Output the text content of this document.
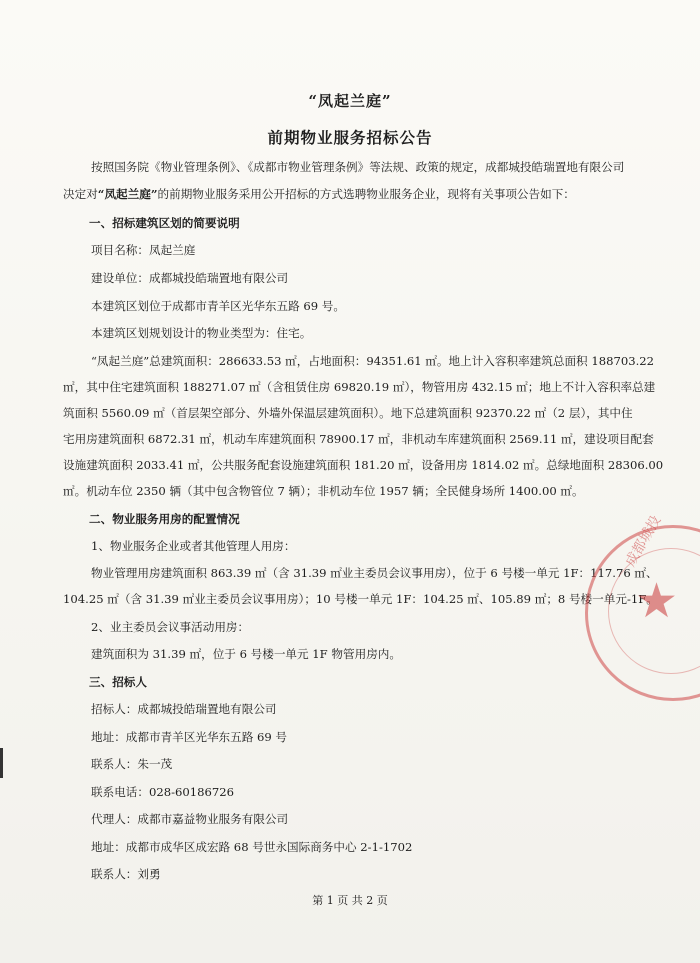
“凤起兰庭”
前期物业服务招标公告
按照国务院《物业管理条例》、《成都市物业管理条例》等法规、政策的规定，成都城投皓瑞置地有限公司
决定对“凤起兰庭”的前期物业服务采用公开招标的方式选聘物业服务企业，现将有关事项公告如下：
一、招标建筑区划的简要说明
项目名称：凤起兰庭
建设单位：成都城投皓瑞置地有限公司
本建筑区划位于成都市青羊区光华东五路 69 号。
本建筑区划规划设计的物业类型为：住宅。
“凤起兰庭”总建筑面积：286633.53 ㎡，占地面积：94351.61 ㎡。地上计入容积率建筑总面积 188703.22
㎡，其中住宅建筑面积 188271.07 ㎡（含租赁住房 69820.19 ㎡），物管用房 432.15 ㎡；地上不计入容积率总建
筑面积 5560.09 ㎡（首层架空部分、外墙外保温层建筑面积）。地下总建筑面积 92370.22 ㎡（2 层），其中住
宅用房建筑面积 6872.31 ㎡，机动车库建筑面积 78900.17 ㎡，非机动车库建筑面积 2569.11 ㎡，建设项目配套
设施建筑面积 2033.41 ㎡，公共服务配套设施建筑面积 181.20 ㎡，设备用房 1814.02 ㎡。总绿地面积 28306.00
㎡。机动车位 2350 辆（其中包含物管位 7 辆）；非机动车位 1957 辆；全民健身场所 1400.00 ㎡。
二、物业服务用房的配置情况
1、物业服务企业或者其他管理人用房：
物业管理用房建筑面积 863.39 ㎡（含 31.39 ㎡业主委员会议事用房），位于 6 号楼一单元 1F：117.76 ㎡、
104.25 ㎡（含 31.39 ㎡业主委员会议事用房）；10 号楼一单元 1F：104.25 ㎡、105.89 ㎡；8 号楼一单元-1F。
2、业主委员会议事活动用房：
建筑面积为 31.39 ㎡，位于 6 号楼一单元 1F 物管用房内。
三、招标人
招标人：成都城投皓瑞置地有限公司
地址：成都市青羊区光华东五路 69 号
联系人：朱一茂
联系电话：028-60186726
代理人：成都市嘉益物业服务有限公司
地址：成都市成华区成宏路 68 号世永国际商务中心 2-1-1702
联系人：刘勇
第 1 页 共 2 页
★
成都城投
